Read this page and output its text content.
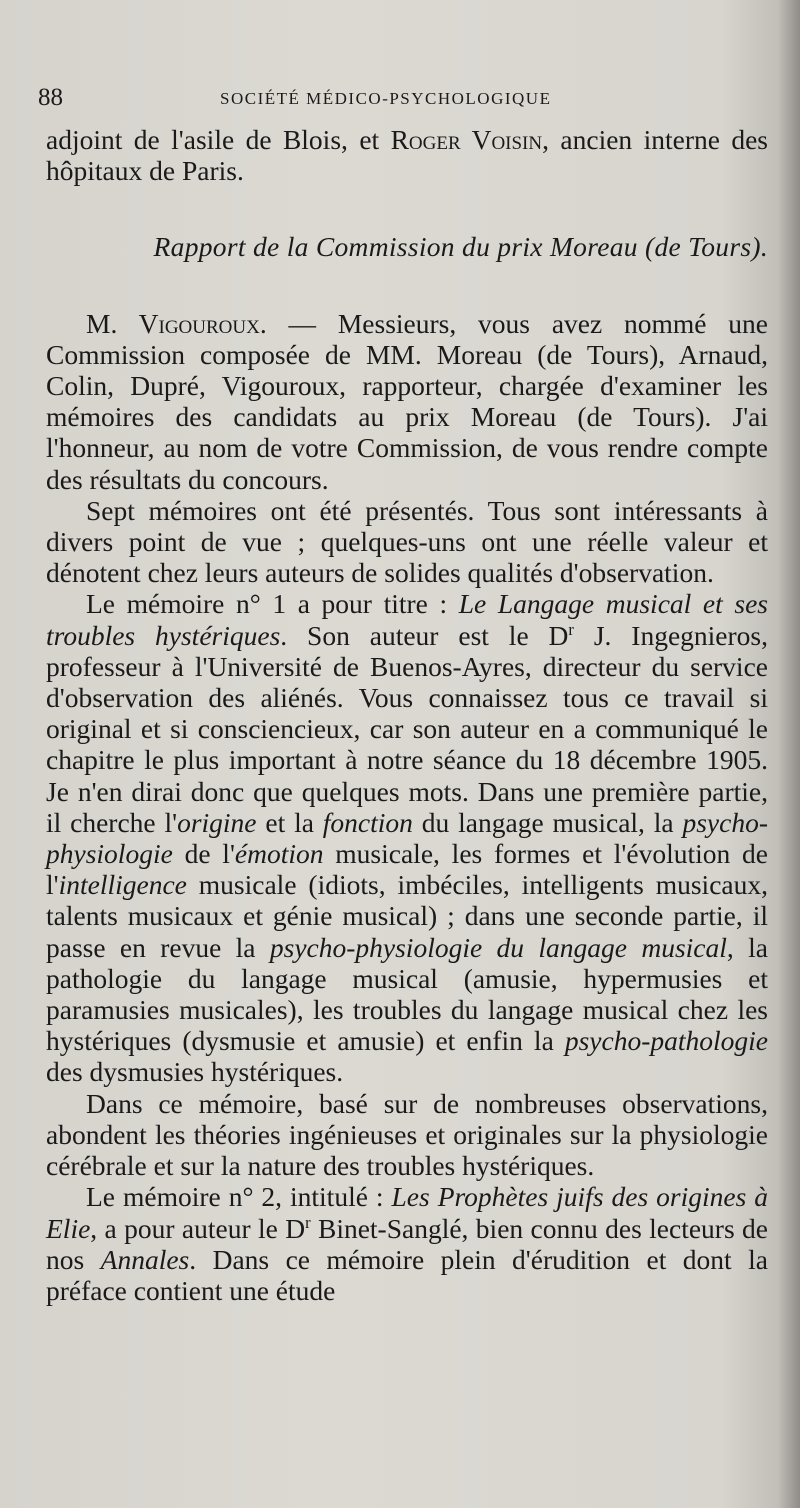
88	SOCIÉTÉ MÉDICO-PSYCHOLOGIQUE

adjoint de l'asile de Blois, et Roger Voisin, ancien interne des hôpitaux de Paris.

Rapport de la Commission du prix Moreau (de Tours).

M. Vigouroux. — Messieurs, vous avez nommé une Commission composée de MM. Moreau (de Tours), Arnaud, Colin, Dupré, Vigouroux, rapporteur, chargée d'examiner les mémoires des candidats au prix Moreau (de Tours). J'ai l'honneur, au nom de votre Commission, de vous rendre compte des résultats du concours.

Sept mémoires ont été présentés. Tous sont intéressants à divers point de vue ; quelques-uns ont une réelle valeur et dénotent chez leurs auteurs de solides qualités d'observation.

Le mémoire n° 1 a pour titre : Le Langage musical et ses troubles hystériques. Son auteur est le $D^r$ J. Ingegnieros, professeur à l'Université de Buenos-Ayres, directeur du service d'observation des aliénés. Vous connaissez tous ce travail si original et si consciencieux, car son auteur en a communiqué le chapitre le plus important à notre séance du 18 décembre 1905. Je n'en dirai donc que quelques mots. Dans une première partie, il cherche l'origine et la fonction du langage musical, la psycho-physiologie de l'émotion musicale, les formes et l'évolution de l'intelligence musicale (idiots, imbéciles, intelligents musicaux, talents musicaux et génie musical) ; dans une seconde partie, il passe en revue la psycho-physiologie du langage musical, la pathologie du langage musical (amusie, hypermusies et paramusies musicales), les troubles du langage musical chez les hystériques (dysmusie et amusie) et enfin la psycho-pathologie des dysmusies hystériques.

Dans ce mémoire, basé sur de nombreuses observations, abondent les théories ingénieuses et originales sur la physiologie cérébrale et sur la nature des troubles hystériques.

Le mémoire n° 2, intitulé : Les Prophètes juifs des origines à Elie, a pour auteur le $D^r$ Binet-Sanglé, bien connu des lecteurs de nos Annales. Dans ce mémoire plein d'érudition et dont la préface contient une étude
